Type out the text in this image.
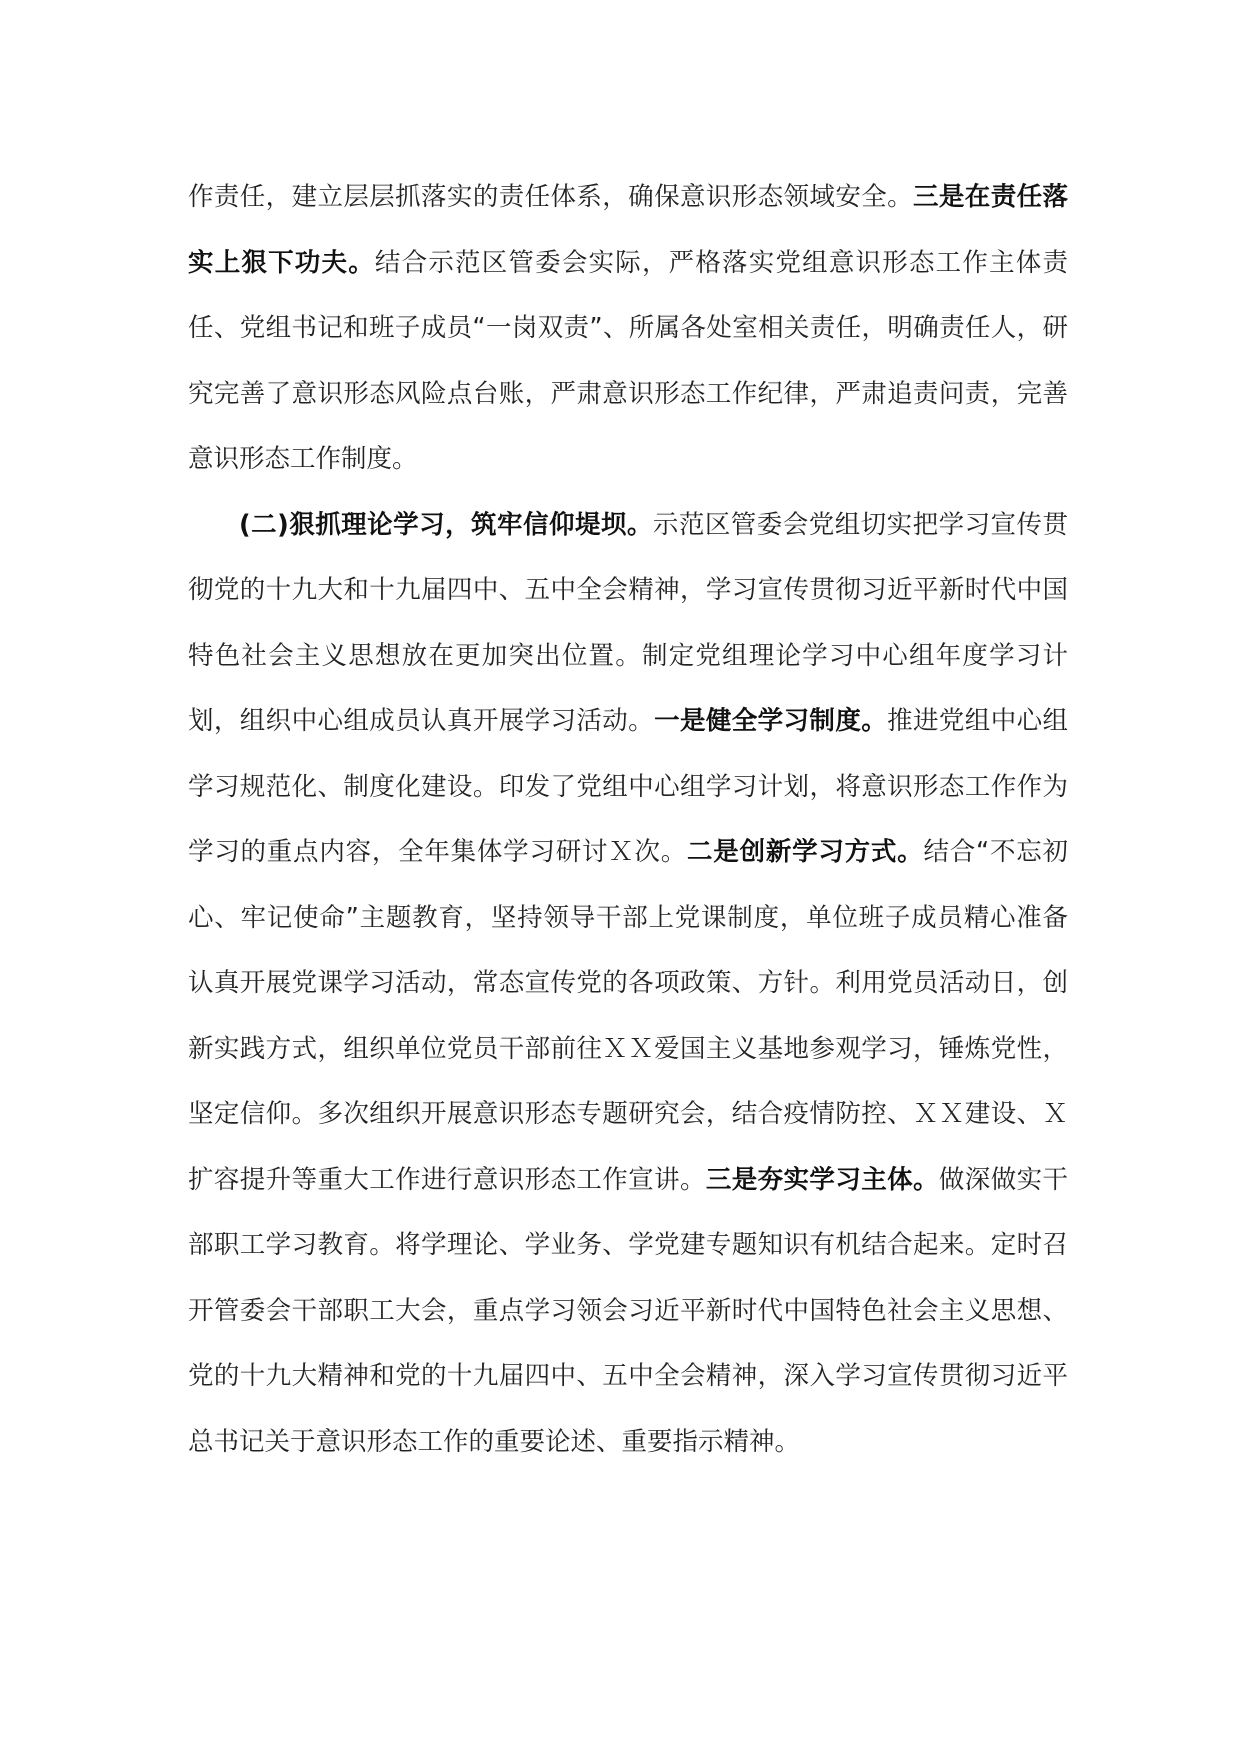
作责任，建立层层抓落实的责任体系，确保意识形态领域安全。三是在责任落实上狠下功夫。结合示范区管委会实际，严格落实党组意识形态工作主体责任、党组书记和班子成员“一岗双责”、所属各处室相关责任，明确责任人，研究完善了意识形态风险点台账，严肃意识形态工作纪律，严肃追责问责，完善意识形态工作制度。

(二)狠抓理论学习，筑牢信仰堤坝。示范区管委会党组切实把学习宣传贯彻党的十九大和十九届四中、五中全会精神，学习宣传贯彻习近平新时代中国特色社会主义思想放在更加突出位置。制定党组理论学习中心组年度学习计划，组织中心组成员认真开展学习活动。一是健全学习制度。推进党组中心组学习规范化、制度化建设。印发了党组中心组学习计划，将意识形态工作作为学习的重点内容，全年集体学习研讨Ｘ次。二是创新学习方式。结合“不忘初心、牢记使命”主题教育，坚持领导干部上党课制度，单位班子成员精心准备认真开展党课学习活动，常态宣传党的各项政策、方针。利用党员活动日，创新实践方式，组织单位党员干部前往ＸＸ爱国主义基地参观学习，锤炼党性，坚定信仰。多次组织开展意识形态专题研究会，结合疫情防控、ＸＸ建设、Ｘ扩容提升等重大工作进行意识形态工作宣讲。三是夯实学习主体。做深做实干部职工学习教育。将学理论、学业务、学党建专题知识有机结合起来。定时召开管委会干部职工大会，重点学习领会习近平新时代中国特色社会主义思想、党的十九大精神和党的十九届四中、五中全会精神，深入学习宣传贯彻习近平总书记关于意识形态工作的重要论述、重要指示精神。
